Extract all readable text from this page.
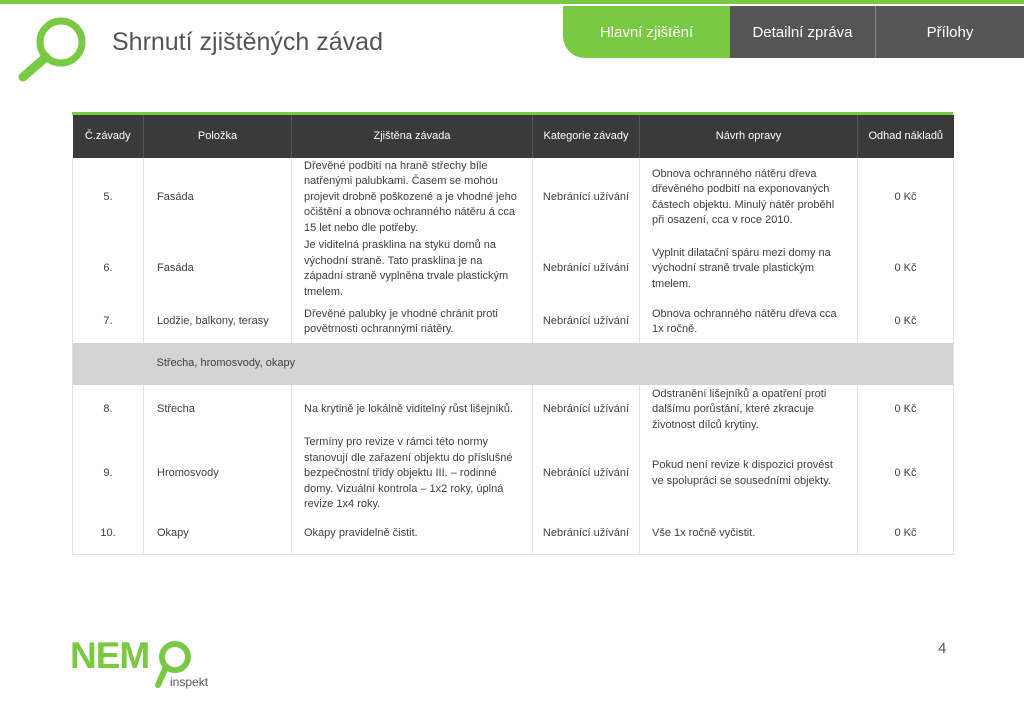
Shrnutí zjištěných závad	Hlavní zjištění	Detailní zpráva	Přílohy
Č.závady	Položka	Zjištěna závada	Kategorie závady	Návrh opravy	Odhad nákladů
5.	Fasáda	Dřevěné podbití na hraně střechy bíle natřenými palubkami. Časem se mohou projevit drobně poškozené a je vhodné jeho očištění a obnova ochranného nátěru á cca 15 let nebo dle potřeby.	Nebránící užívání	Obnova ochranného nátěru dřeva dřevěného podbití na exponovaných částech objektu. Minulý nátěr proběhl při osazení, cca v roce 2010.	0 Kč
6.	Fasáda	Je viditelná prasklina na styku domů na východní straně. Tato prasklina je na západní straně vyplněna trvale plastickým tmelem.	Nebránící užívání	Vyplnit dilatační spáru mezi domy na východní straně trvale plastickým tmelem.	0 Kč
7.	Lodžie, balkony, terasy	Dřevěné palubky je vhodné chránit proti povětrnosti ochrannými nátěry.	Nebránící užívání	Obnova ochranného nátěru dřeva cca 1x ročně.	0 Kč
	Střecha, hromosvody, okapy				
8.	Střecha	Na krytině je lokálně viditelný růst lišejníků.	Nebránící užívání	Odstranění lišejníků a opatření proti dalšímu porůstání, které zkracuje životnost dílců krytiny.	0 Kč
9.	Hromosvody	Termíny pro revize v rámci této normy stanovují dle zařazení objektu do příslušné bezpečnostní třídy objektu III. – rodinné domy. Vizuální kontrola – 1x2 roky, úplná revize 1x4 roky.	Nebránící užívání	Pokud není revize k dispozici provést ve spolupráci se sousedními objekty.	0 Kč
10.	Okapy	Okapy pravidelně čistit.	Nebránící užívání	Vše 1x ročně vyčistit.	0 Kč
NEM
inspekt
4
